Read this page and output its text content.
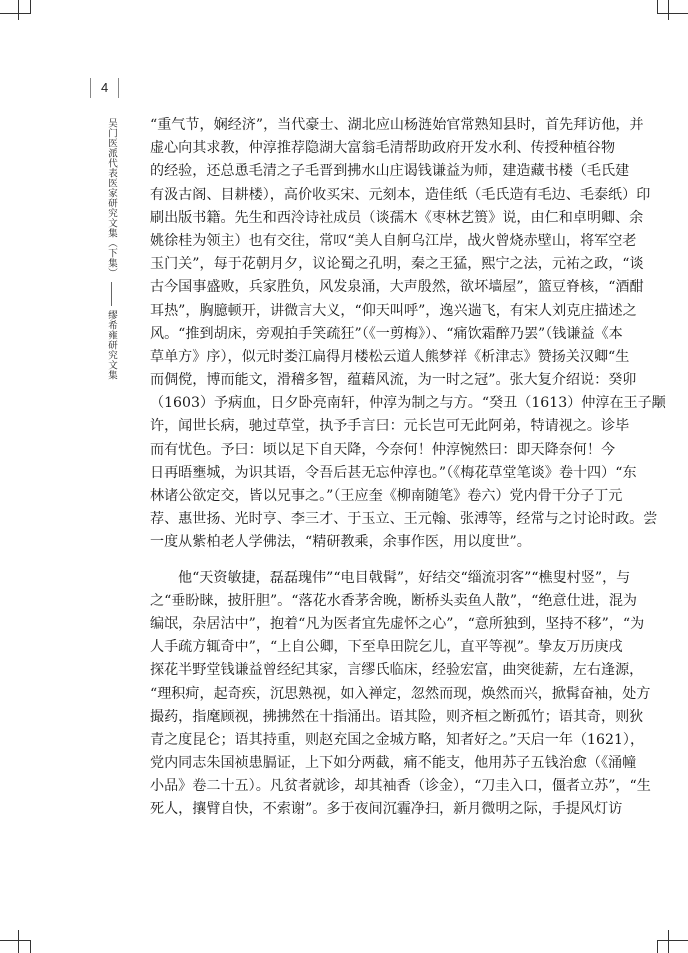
4
吴门医派代表医家研究文集（下集）缪希雍研究文集
“重气节，娴经济”，当代豪士、湖北应山杨涟始官常熟知县时，首先拜访他，并
虚心向其求教，仲淳推荐隐湖大富翁毛清帮助政府开发水利、传授种植谷物
的经验，还总恿毛清之子毛晋到拂水山庄谒钱谦益为师，建造藏书楼（毛氏建
有汲古阁、目耕楼），高价收买宋、元刻本，造佳纸（毛氏造有毛边、毛泰纸）印
刷出版书籍。先生和西泠诗社成员（谈孺木《枣林艺篑》说，由仁和卓明卿、余
姚徐桂为领主）也有交往，常叹“美人自舸乌江岸，战火曾烧赤壁山，将军空老
玉门关”，每于花朝月夕，议论蜀之孔明，秦之王猛，熙宁之法，元祐之政，“谈
古今国事盛败，兵家胜负，风发泉涌，大声殷然，欲坏墙屋”，篮豆脊核，“酒酣
耳热”，胸臆顿开，讲微言大义，“仰天叫呼”，逸兴遄飞，有宋人刘克庄描述之
风。“推到胡床，旁观拍手笑疏狂”（《一剪梅》）、“痛饮霜醉乃罢”（钱谦益《本
草单方》序），似元时娄江扁得月楼松云道人熊梦祥《析津志》赞扬关汉卿“生
而倜傥，博而能文，滑稽多智，蕴藉风流，为一时之冠”。张大复介绍说：癸卯
（1603）予病血，日夕卧亮南轩，仲淳为制之与方。“癸丑（1613）仲淳在王子颙
许，闻世长病，驰过草堂，执予手言曰：元长岂可无此阿弟，特请视之。诊毕
而有忧色。予曰：顷以足下自天降，今奈何！仲淳惋然曰：即天降奈何！今
日再晤壅城，为识其语，令吾后甚无忘仲淳也。”（《梅花草堂笔谈》卷十四）“东
林诸公欲定交，皆以兄事之。”（王应奎《柳南随笔》卷六）党内骨干分子丁元
荐、惠世扬、光时亨、李三才、于玉立、王元翰、张溥等，经常与之讨论时政。尝
一度从紫柏老人学佛法，“精研教乘，余事作医，用以度世”。
他“天资敏捷，磊磊瑰伟”“电目戟髯”，好结交“缁流羽客”“樵叟村竖”，与
之“垂盼睐，披肝胆”。“落花水香茅舍晚，断桥头卖鱼人散”，“绝意仕进，混为
编氓，杂居沽中”，抱着“凡为医者宜先虚怀之心”，“意所独到，坚持不移”，“为
人手疏方辄奇中”，“上自公卿，下至阜田院乞儿，直平等视”。挚友万历庚戌
探花半野堂钱谦益曾经纪其家，言缪氏临床，经验宏富，曲突徙薪，左右逢源，
“理积疴，起奇疾，沉思熟视，如入禅定，忽然而现，焕然而兴，掀髯奋袖，处方
撮药，指麾顾视，拂拂然在十指涌出。语其险，则齐桓之断孤竹；语其奇，则狄
青之度昆仑；语其持重，则赵充国之金城方略，知者好之。”天启一年（1621），
党内同志朱国祯患膈证，上下如分两截，痛不能支，他用苏子五钱治愈（《涌幢
小品》卷二十五）。凡贫者就诊，却其袖香（诊金），“刀圭入口，僵者立苏”，“生
死人，攘臂自快，不索谢”。多于夜间沉霾净扫，新月微明之际，手提风灯访
